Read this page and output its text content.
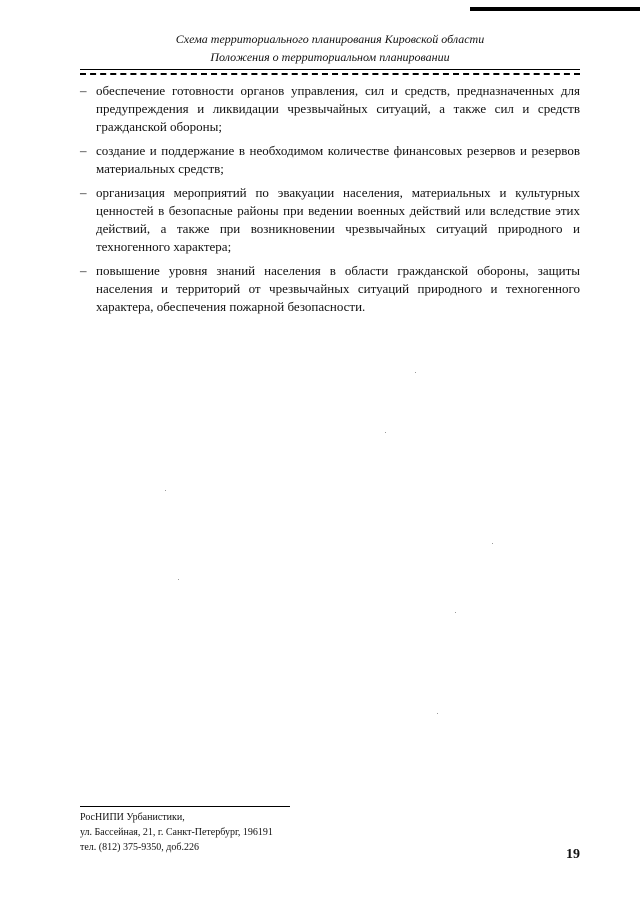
Схема территориального планирования Кировской области
Положения о территориальном планировании
– обеспечение готовности органов управления, сил и средств, предназначенных для предупреждения и ликвидации чрезвычайных ситуаций, а также сил и средств гражданской обороны;
– создание и поддержание в необходимом количестве финансовых резервов и резервов материальных средств;
– организация мероприятий по эвакуации населения, материальных и культурных ценностей в безопасные районы при ведении военных действий или вследствие этих действий, а также при возникновении чрезвычайных ситуаций природного и техногенного характера;
– повышение уровня знаний населения в области гражданской обороны, защиты населения и территорий от чрезвычайных ситуаций природного и техногенного характера, обеспечения пожарной безопасности.
РосНИПИ Урбанистики,
ул. Бассейная, 21, г. Санкт-Петербург, 196191
тел. (812) 375-9350, доб.226	19
